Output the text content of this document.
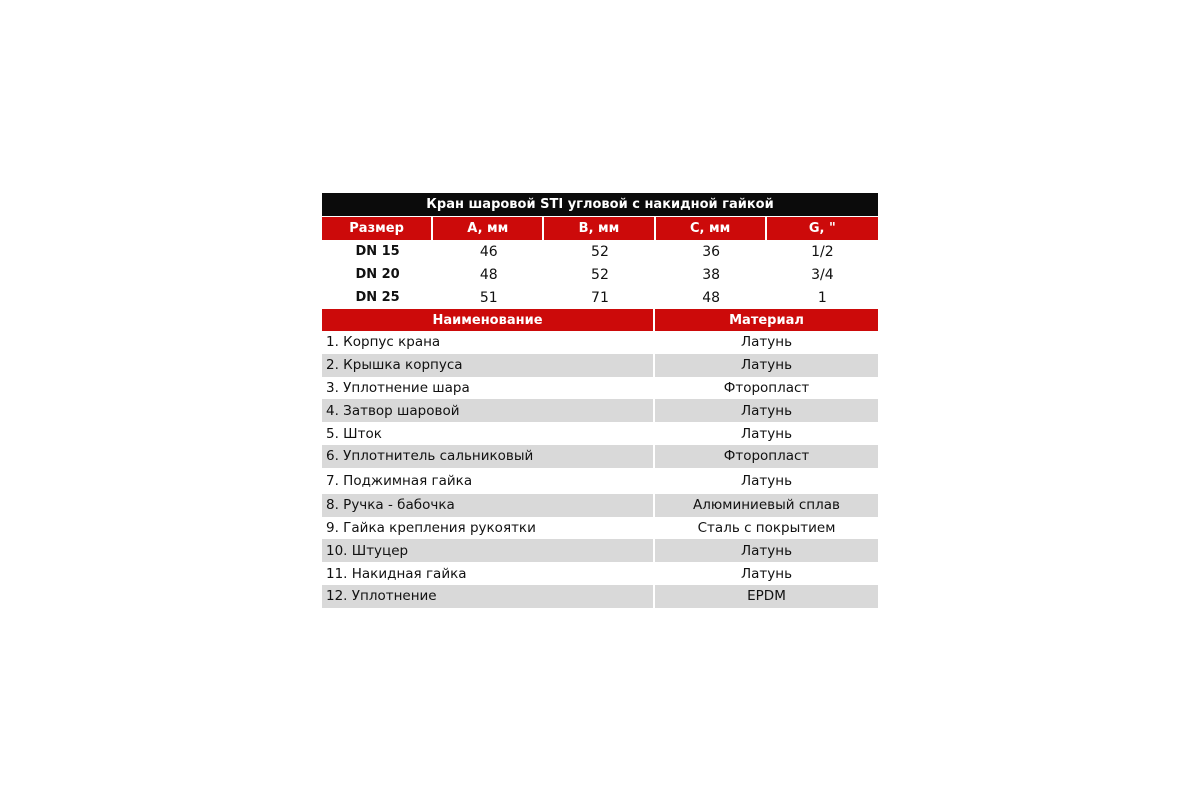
Кран шаровой STI угловой с накидной гайкой
Размер	A, мм	B, мм	C, мм	G, "
DN 15	46	52	36	1/2
DN 20	48	52	38	3/4
DN 25	51	71	48	1
Наименование	Материал
1. Корпус крана	Латунь
2. Крышка корпуса	Латунь
3. Уплотнение шара	Фторопласт
4. Затвор шаровой	Латунь
5. Шток	Латунь
6. Уплотнитель сальниковый	Фторопласт
7. Поджимная гайка	Латунь
8. Ручка - бабочка	Алюминиевый сплав
9. Гайка крепления рукоятки	Сталь с покрытием
10. Штуцер	Латунь
11. Накидная гайка	Латунь
12. Уплотнение	EPDM
